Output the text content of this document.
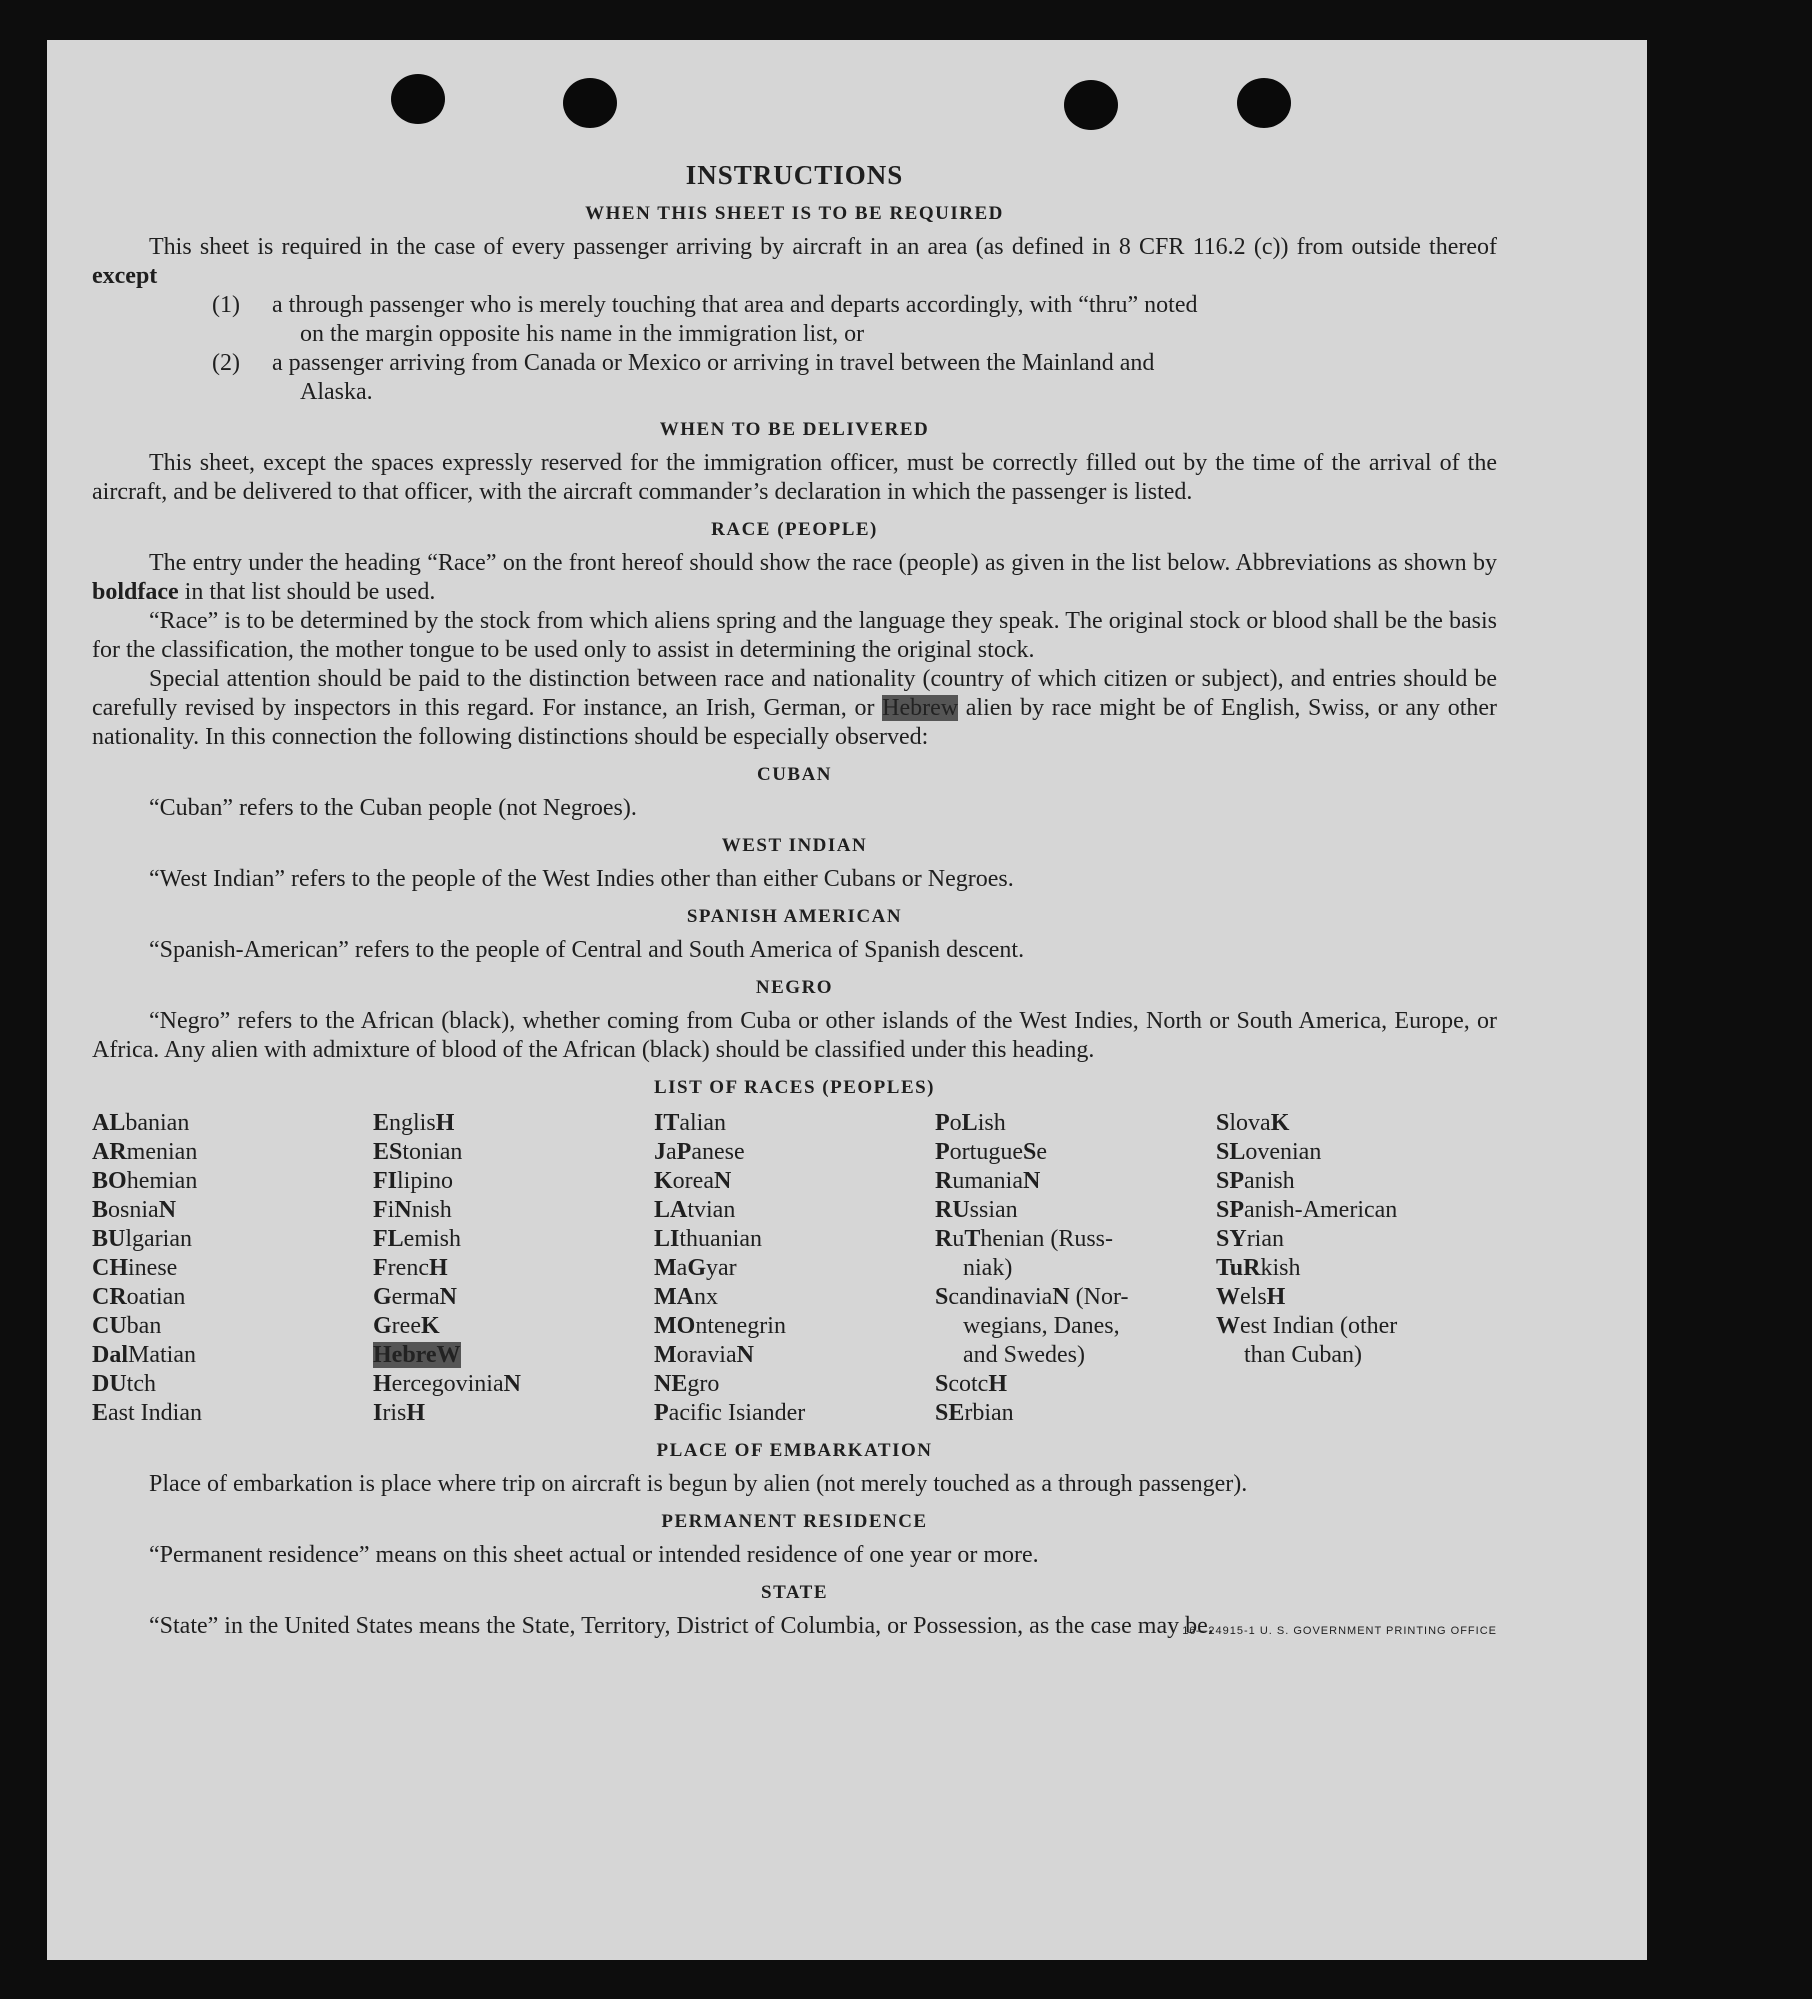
INSTRUCTIONS
WHEN THIS SHEET IS TO BE REQUIRED

This sheet is required in the case of every passenger arriving by aircraft in an area (as defined in 8 CFR 116.2 (c)) from outside thereof except

(1)	a through passenger who is merely touching that area and departs accordingly, with “thru” noted
on the margin opposite his name in the immigration list, or
(2)	a passenger arriving from Canada or Mexico or arriving in travel between the Mainland and
Alaska.
WHEN TO BE DELIVERED

This sheet, except the spaces expressly reserved for the immigration officer, must be correctly filled out by the time of the arrival of the aircraft, and be delivered to that officer, with the aircraft commander’s declaration in which the passenger is listed.

RACE (PEOPLE)

The entry under the heading “Race” on the front hereof should show the race (people) as given in the list below. Abbreviations as shown by boldface in that list should be used.

“Race” is to be determined by the stock from which aliens spring and the language they speak. The original stock or blood shall be the basis for the classification, the mother tongue to be used only to assist in determining the original stock.

Special attention should be paid to the distinction between race and nationality (country of which citizen or subject), and entries should be carefully revised by inspectors in this regard. For instance, an Irish, German, or Hebrew alien by race might be of English, Swiss, or any other nationality. In this connection the following distinctions should be especially observed:

CUBAN

“Cuban” refers to the Cuban people (not Negroes).

WEST INDIAN

“West Indian” refers to the people of the West Indies other than either Cubans or Negroes.

SPANISH AMERICAN

“Spanish-American” refers to the people of Central and South America of Spanish descent.

NEGRO

“Negro” refers to the African (black), whether coming from Cuba or other islands of the West Indies, North or South America, Europe, or Africa. Any alien with admixture of blood of the African (black) should be classified under this heading.

LIST OF RACES (PEOPLES)
ALbanian
ARmenian
BOhemian
BosniaN
BUlgarian
CHinese
CRoatian
CUban
DalMatian
DUtch
East Indian
EnglisH
EStonian
FIlipino
FiNnish
FLemish
FrencH
GermaN
GreeK
HebreW
HercegoviniaN
IrisH
ITalian
JaPanese
KoreaN
LAtvian
LIthuanian
MaGyar
MAnx
MOntenegrin
MoraviaN
NEgro
Pacific Isiander
PoLish
PortugueSe
RumaniaN
RUssian
RuThenian (Russ-
niak)
ScandinaviaN (Nor-
wegians, Danes,
and Swedes)
ScotcH
SErbian
SlovaK
SLovenian
SPanish
SPanish-American
SYrian
TuRkish
WelsH
West Indian (other
than Cuban)
PLACE OF EMBARKATION

Place of embarkation is place where trip on aircraft is begun by alien (not merely touched as a through passenger).

PERMANENT RESIDENCE

“Permanent residence” means on this sheet actual or intended residence of one year or more.

STATE

“State” in the United States means the State, Territory, District of Columbia, or Possession, as the case may be.

16—24915-1 U. S. GOVERNMENT PRINTING OFFICE
